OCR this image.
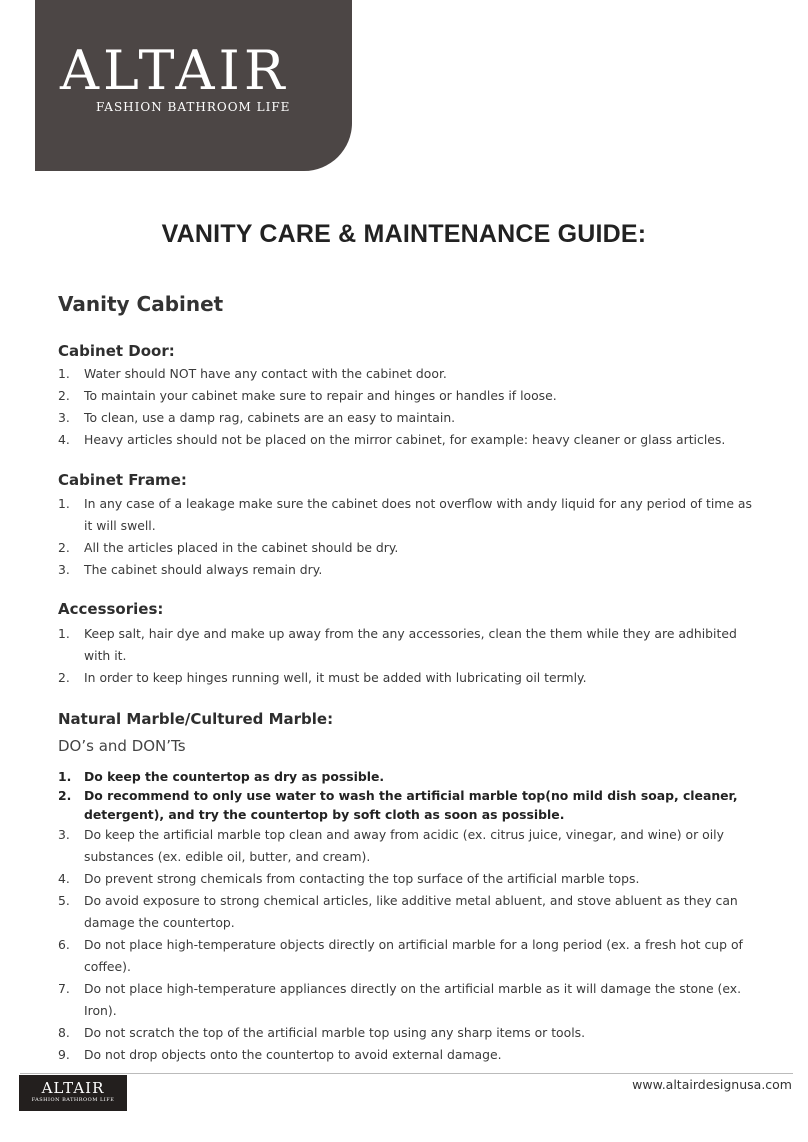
ALTAIR
FASHION BATHROOM LIFE
VANITY CARE & MAINTENANCE GUIDE:
Vanity Cabinet
Cabinet Door:
1.	Water should NOT have any contact with the cabinet door.
2.	To maintain your cabinet make sure to repair and hinges or handles if loose.
3.	To clean, use a damp rag, cabinets are an easy to maintain.
4.	Heavy articles should not be placed on the mirror cabinet, for example: heavy cleaner or glass articles.
Cabinet Frame:
1.	In any case of a leakage make sure the cabinet does not overflow with andy liquid for any period of time as it will swell.
2.	All the articles placed in the cabinet should be dry.
3.	The cabinet should always remain dry.
Accessories:
1.	Keep salt, hair dye and make up away from the any accessories, clean the them while they are adhibited with it.
2.	In order to keep hinges running well, it must be added with lubricating oil termly.
Natural Marble/Cultured Marble:

DO’s and DON’Ts

1.	Do keep the countertop as dry as possible.
2.	Do recommend to only use water to wash the artificial marble top(no mild dish soap, cleaner, detergent), and try the countertop by soft cloth as soon as possible.
3.	Do keep the artificial marble top clean and away from acidic (ex. citrus juice, vinegar, and wine) or oily substances (ex. edible oil, butter, and cream).
4.	Do prevent strong chemicals from contacting the top surface of the artificial marble tops.
5.	Do avoid exposure to strong chemical articles, like additive metal abluent, and stove abluent as they can damage the countertop.
6.	Do not place high-temperature objects directly on artificial marble for a long period (ex. a fresh hot cup of coffee).
7.	Do not place high-temperature appliances directly on the artificial marble as it will damage the stone (ex. Iron).
8.	Do not scratch the top of the artificial marble top using any sharp items or tools.
9.	Do not drop objects onto the countertop to avoid external damage.
ALTAIR
FASHION BATHROOM LIFE

www.altairdesignusa.com
